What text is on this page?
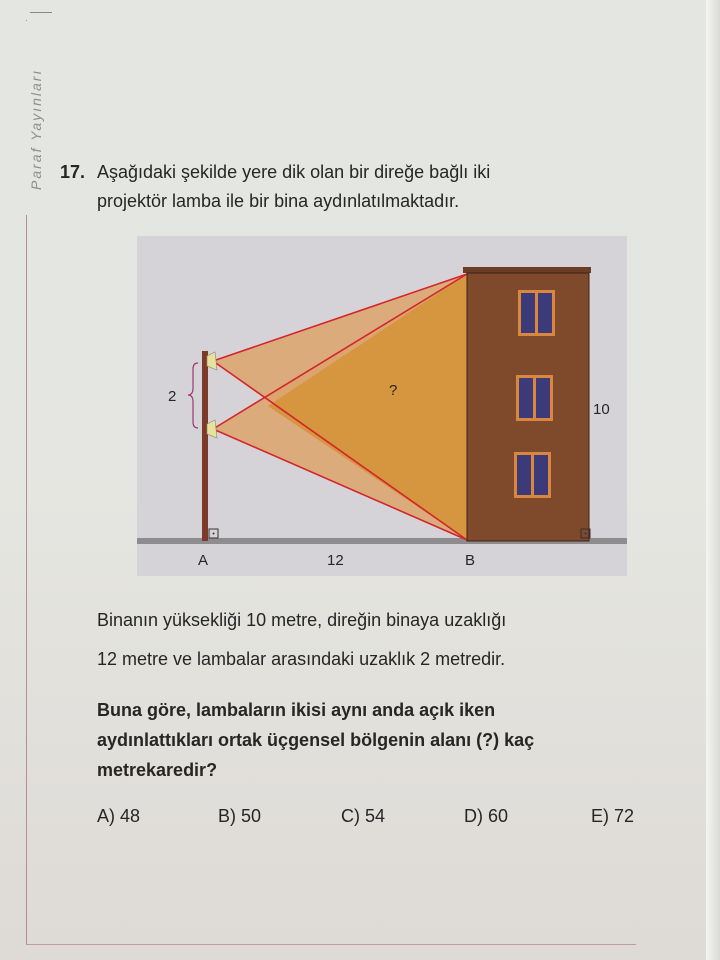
Paraf Yayınları 17. Aşağıdaki şekilde yere dik olan bir direğe bağlı iki
projektör lamba ile bir bina aydınlatılmaktadır.
2	?
10
A	12	B
Binanın yüksekliği 10 metre, direğin binaya uzaklığı
12 metre ve lambalar arasındaki uzaklık 2 metredir.
Buna göre, lambaların ikisi aynı anda açık iken
aydınlattıkları ortak üçgensel bölgenin alanı (?) kaç
metrekaredir?
A) 48	B) 50	C) 54	D) 60	E) 72
